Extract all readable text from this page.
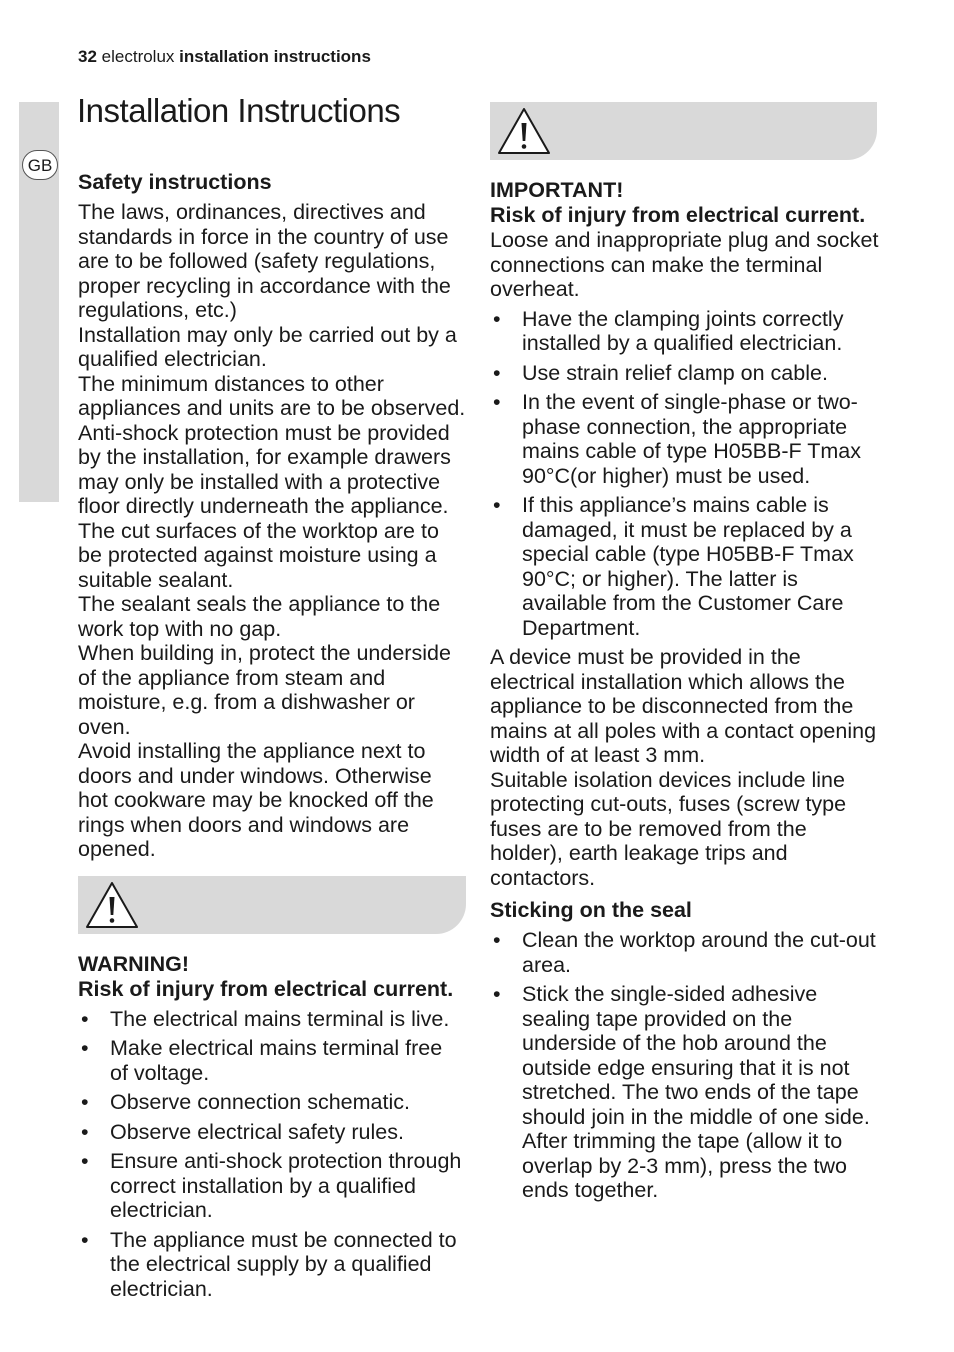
32 electrolux installation instructions
GB
Installation Instructions
Safety instructions

The laws, ordinances, directives and standards in force in the country of use are to be followed (safety regulations, proper recycling in accordance with the regulations, etc.)

Installation may only be carried out by a qualified electrician.

The minimum distances to other appliances and units are to be observed.

Anti-shock protection must be provided by the installation, for example drawers may only be installed with a protective floor directly underneath the appliance.

The cut surfaces of the worktop are to be protected against moisture using a suitable sealant.

The sealant seals the appliance to the work top with no gap.

When building in, protect the underside of the appliance from steam and moisture, e.g. from a dishwasher or oven.

Avoid installing the appliance next to doors and under windows. Otherwise hot cookware may be knocked off the rings when doors and windows are opened.

WARNING!

Risk of injury from electrical current.

• The electrical mains terminal is live.
• Make electrical mains terminal free of voltage.
• Observe connection schematic.
• Observe electrical safety rules.
• Ensure anti-shock protection through correct installation by a qualified electrician.
• The appliance must be connected to the electrical supply by a qualified electrician.

IMPORTANT!

Risk of injury from electrical current.

Loose and inappropriate plug and socket connections can make the terminal overheat.

• Have the clamping joints correctly installed by a qualified electrician.
• Use strain relief clamp on cable.
• In the event of single-phase or two-phase connection, the appropriate mains cable of type H05BB-F Tmax 90°C(or higher) must be used.
• If this appliance’s mains cable is damaged, it must be replaced by a special cable (type H05BB-F Tmax 90°C; or higher). The latter is available from the Customer Care Department.

A device must be provided in the electrical installation which allows the appliance to be disconnected from the mains at all poles with a contact opening width of at least 3 mm.

Suitable isolation devices include line protecting cut-outs, fuses (screw type fuses are to be removed from the holder), earth leakage trips and contactors.

Sticking on the seal
• Clean the worktop around the cut-out area.
• Stick the single-sided adhesive sealing tape provided on the underside of the hob around the outside edge ensuring that it is not stretched. The two ends of the tape should join in the middle of one side. After trimming the tape (allow it to overlap by 2-3 mm), press the two ends together.
